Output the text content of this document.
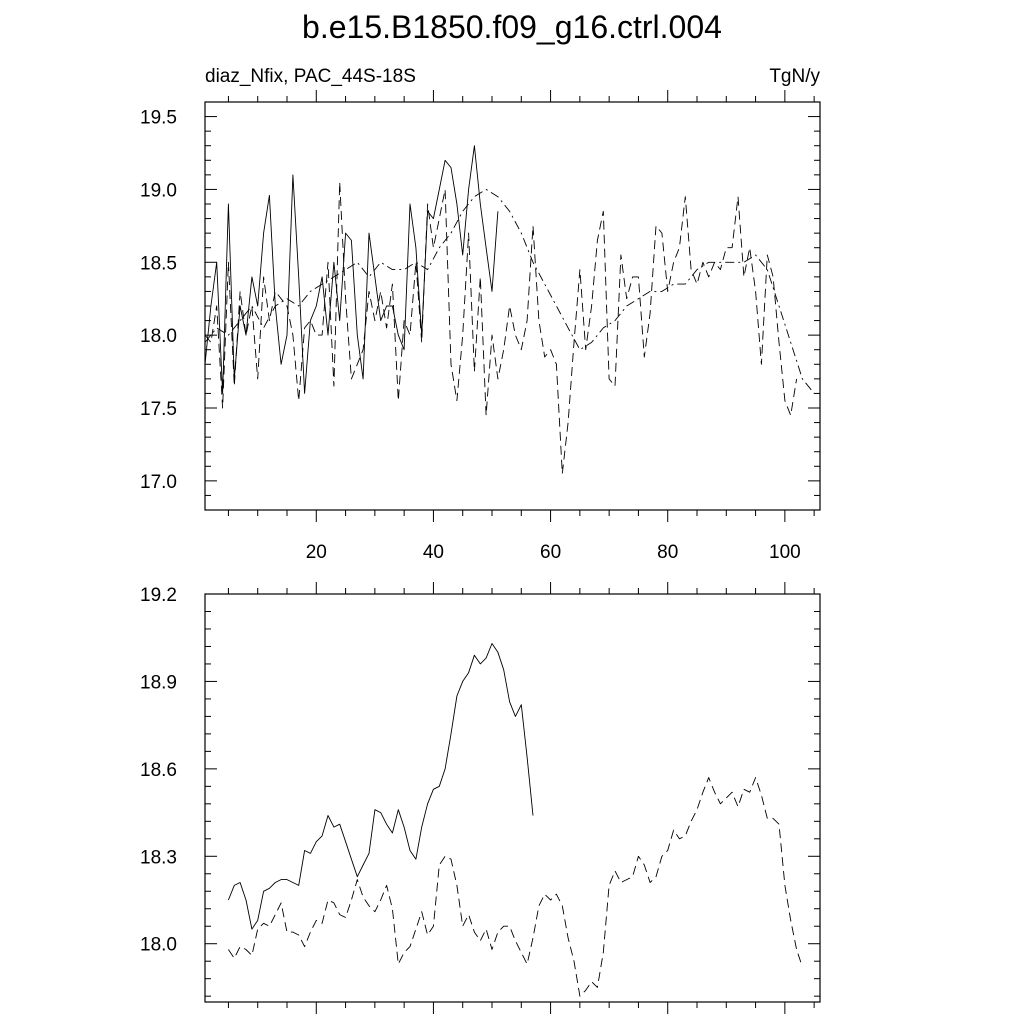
b.e15.B1850.f09_g16.ctrl.004
diaz_Nfix, PAC_44S-18S	TgN/y
17.0
17.5
18.0
18.5
19.0
19.5
20	40	60	80	100
18.0
18.3
18.6
18.9
19.2
